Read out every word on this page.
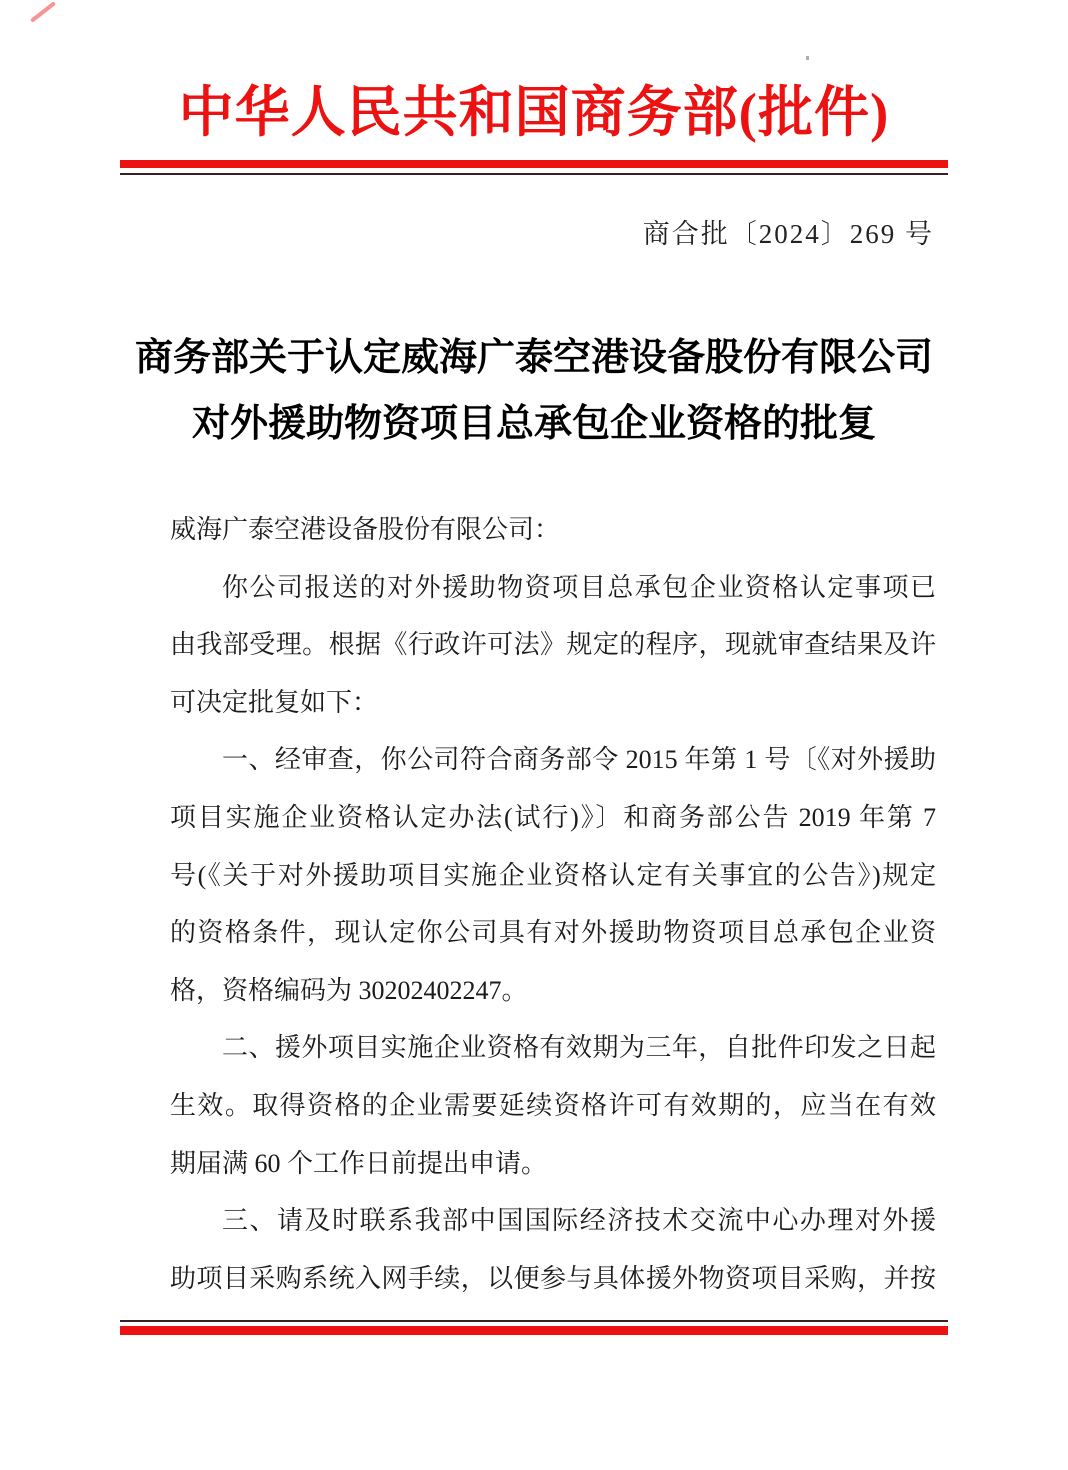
中华人民共和国商务部(批件)
商合批〔2024〕269 号
商务部关于认定威海广泰空港设备股份有限公司
对外援助物资项目总承包企业资格的批复
威海广泰空港设备股份有限公司：
你公司报送的对外援助物资项目总承包企业资格认定事项已
由我部受理。根据《行政许可法》规定的程序，现就审查结果及许
可决定批复如下：
一、经审查，你公司符合商务部令 2015 年第 1 号〔《对外援助
项目实施企业资格认定办法(试行)》〕和商务部公告 2019 年第 7
号(《关于对外援助项目实施企业资格认定有关事宜的公告》)规定
的资格条件，现认定你公司具有对外援助物资项目总承包企业资
格，资格编码为 30202402247。
二、援外项目实施企业资格有效期为三年，自批件印发之日起
生效。取得资格的企业需要延续资格许可有效期的，应当在有效
期届满 60 个工作日前提出申请。
三、请及时联系我部中国国际经济技术交流中心办理对外援
助项目采购系统入网手续，以便参与具体援外物资项目采购，并按
